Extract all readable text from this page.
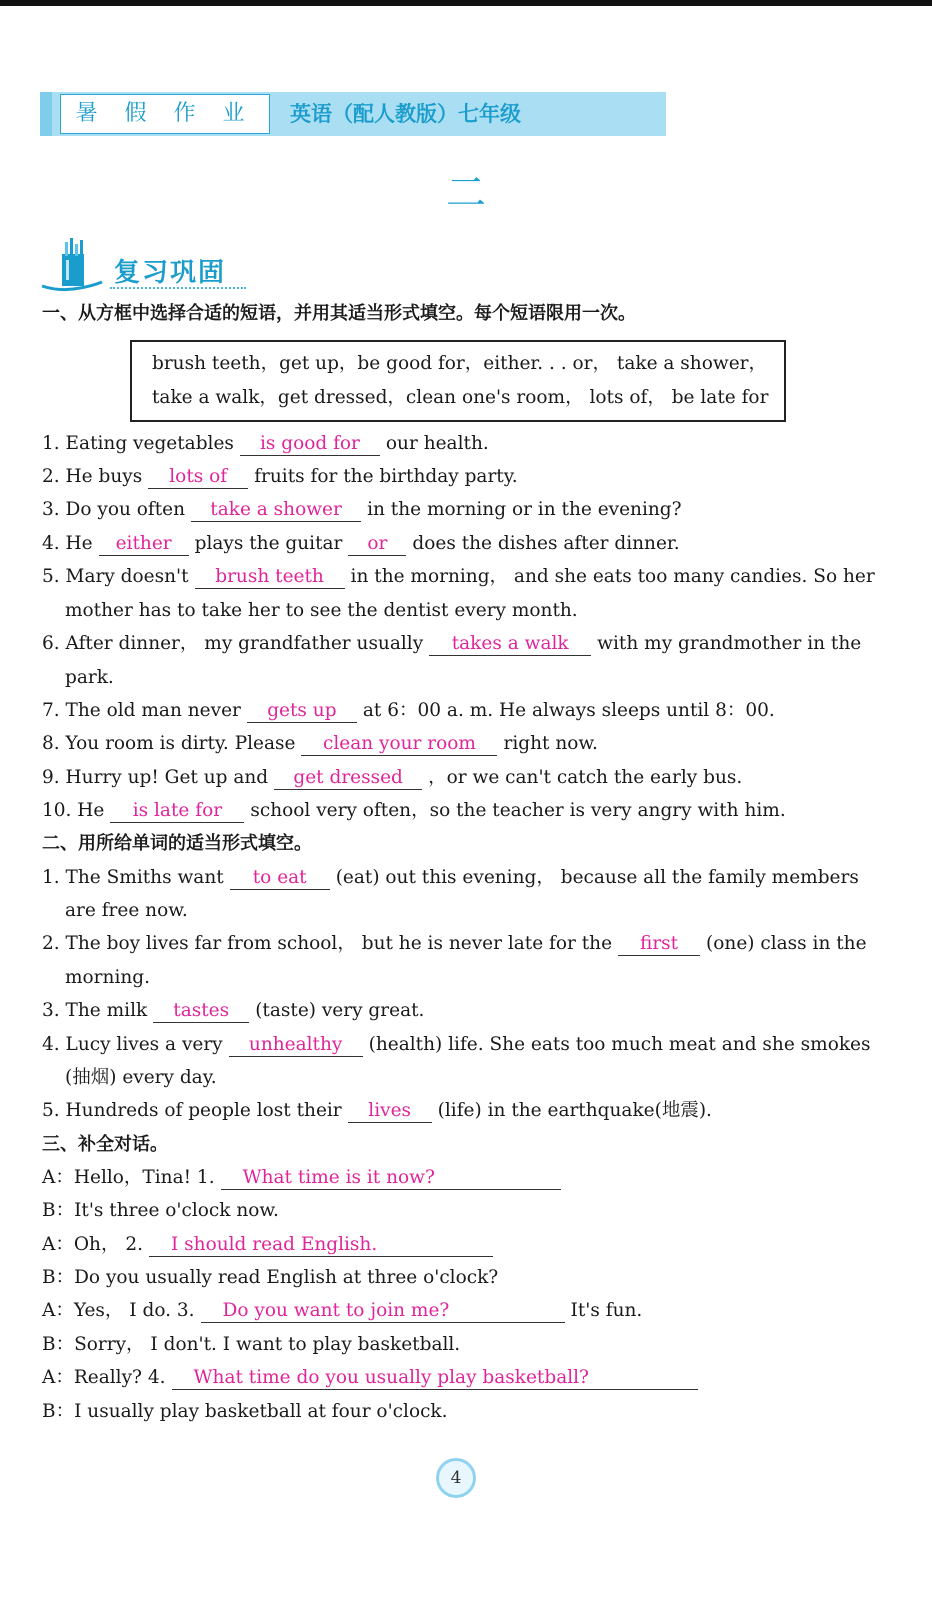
暑 假 作 业	英语（配人教版）七年级
二
复习巩固
一、从方框中选择合适的短语，并用其适当形式填空。每个短语限用一次。
brush teeth，get up，be good for，either. . . or， take a shower，
take a walk，get dressed，clean one's room， lots of， be late for
1. Eating vegetables is good for our health.
2. He buys lots of fruits for the birthday party.
3. Do you often take a shower in the morning or in the evening?
4. He either plays the guitar or does the dishes after dinner.
5. Mary doesn't brush teeth in the morning， and she eats too many candies. So her
mother has to take her to see the dentist every month.
6. After dinner， my grandfather usually takes a walk with my grandmother in the
park.
7. The old man never gets up at 6：00 a. m. He always sleeps until 8：00.
8. You room is dirty. Please clean your room right now.
9. Hurry up! Get up and get dressed ，or we can't catch the early bus.
10. He is late for school very often，so the teacher is very angry with him.
二、用所给单词的适当形式填空。
1. The Smiths want to eat (eat) out this evening， because all the family members
are free now.
2. The boy lives far from school， but he is never late for the first (one) class in the
morning.
3. The milk tastes (taste) very great.
4. Lucy lives a very unhealthy (health) life. She eats too much meat and she smokes
(抽烟) every day.
5. Hundreds of people lost their lives (life) in the earthquake(地震).
三、补全对话。
A：Hello，Tina! 1. What time is it now?
B：It's three o'clock now.
A：Oh， 2. I should read English.
B：Do you usually read English at three o'clock?
A：Yes， I do. 3. Do you want to join me?	It's fun.
B：Sorry， I don't. I want to play basketball.
A：Really? 4. What time do you usually play basketball?
B：I usually play basketball at four o'clock.
4
